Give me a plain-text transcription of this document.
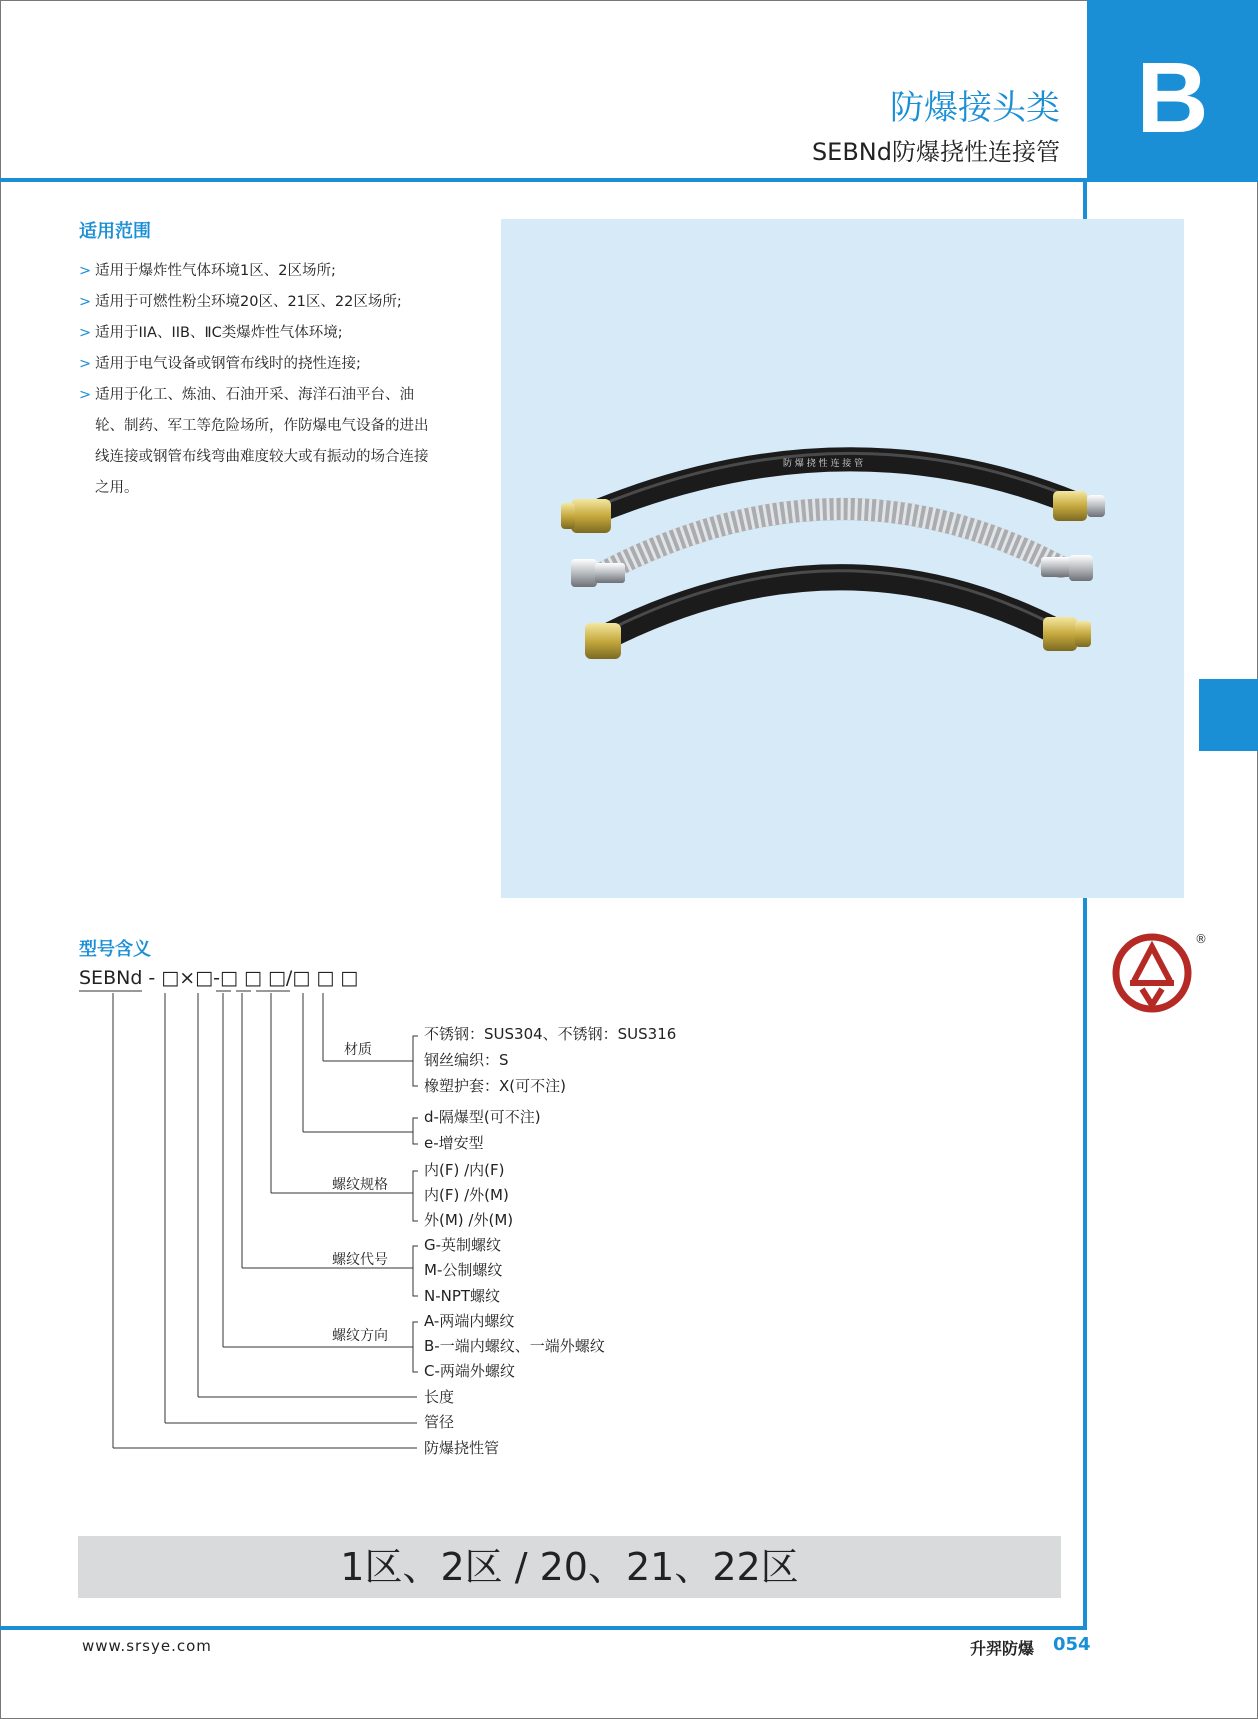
B
防爆接头类
SEBNd防爆挠性连接管
适用范围
> 适用于爆炸性气体环境1区、2区场所;
> 适用于可燃性粉尘环境20区、21区、22区场所;
> 适用于IIA、IIB、ⅡC类爆炸性气体环境;
> 适用于电气设备或钢管布线时的挠性连接;
> 适用于化工、炼油、石油开采、海洋石油平台、油轮、制药、军工等危险场所，作防爆电气设备的进出线连接或钢管布线弯曲难度较大或有振动的场合连接之用。
防 爆 挠 性 连 接 管
®
型号含义
SEBNd - □×□-□ □ □/□ □ □
材质
螺纹规格
螺纹代号
螺纹方向
不锈钢：SUS304、不锈钢：SUS316
钢丝编织：S
橡塑护套：X(可不注)
d-隔爆型(可不注)
e-增安型
内(F) /内(F)
内(F) /外(M)
外(M) /外(M)
G-英制螺纹
M-公制螺纹
N-NPT螺纹
A-两端内螺纹
B-一端内螺纹、一端外螺纹
C-两端外螺纹
长度
管径
防爆挠性管
1区、2区 / 20、21、22区
www.srsye.com	升羿防爆 054
